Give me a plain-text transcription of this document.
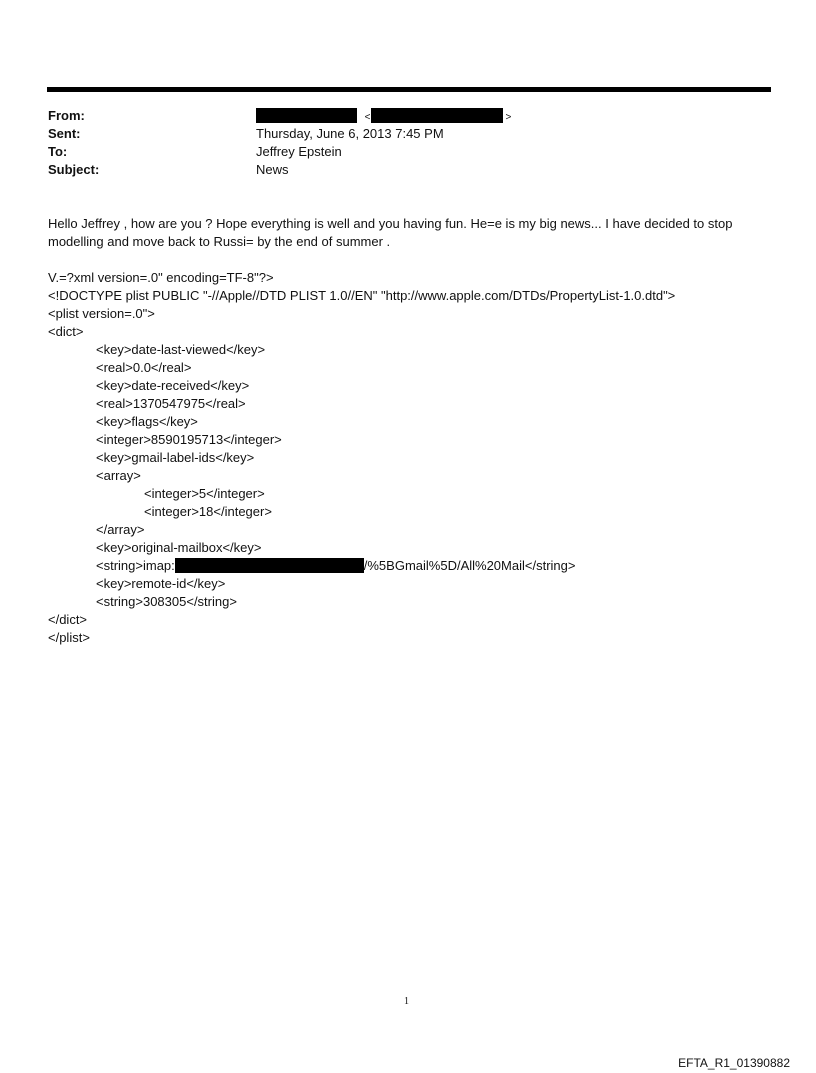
From:	<	>
Sent:	Thursday, June 6, 2013 7:45 PM
To:	Jeffrey Epstein
Subject:	News
Hello Jeffrey , how are you ? Hope everything is well and you having fun. He=e is my big news... I have decided to stop
modelling and move back to Russi= by the end of summer .
V.=?xml version=.0" encoding=TF-8"?>
<!DOCTYPE plist PUBLIC "-//Apple//DTD PLIST 1.0//EN" "http://www.apple.com/DTDs/PropertyList-1.0.dtd">
<plist version=.0">
<dict>
<key>date-last-viewed</key>
<real>0.0</real>
<key>date-received</key>
<real>1370547975</real>
<key>flags</key>
<integer>8590195713</integer>
<key>gmail-label-ids</key>
<array>
<integer>5</integer>
<integer>18</integer>
</array>
<key>original-mailbox</key>
<string>imap:	/%5BGmail%5D/All%20Mail</string>
<key>remote-id</key>
<string>308305</string>
</dict>
</plist>
1
EFTA_R1_01390882
